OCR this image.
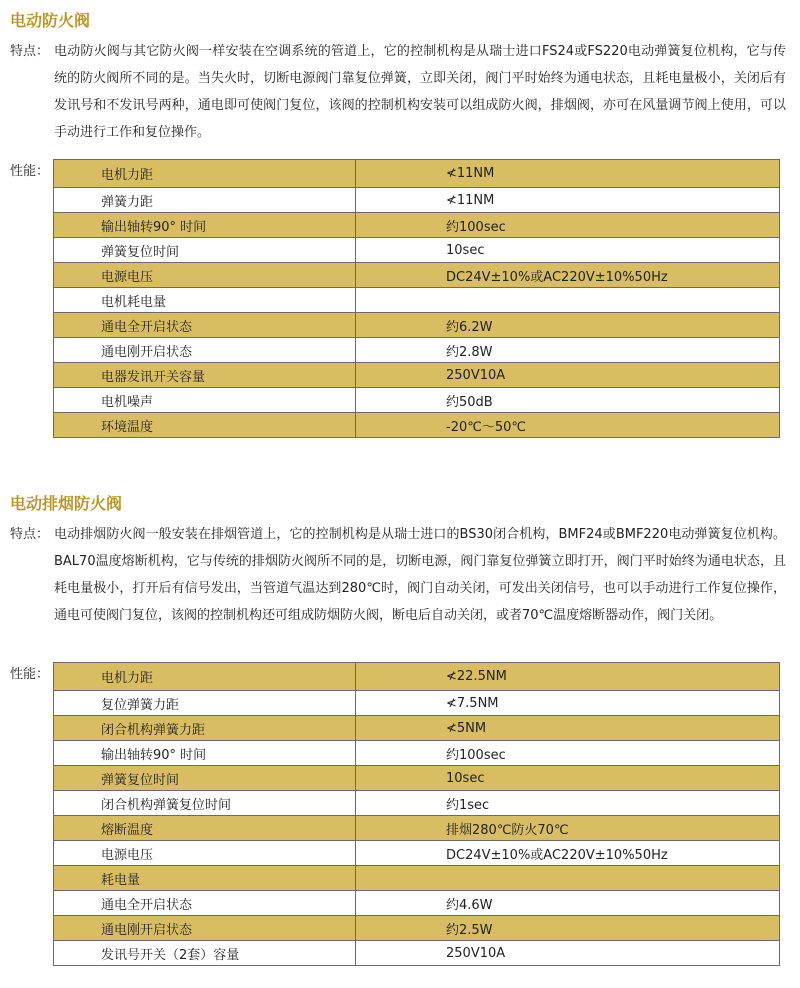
电动防火阀
特点： 电动防火阀与其它防火阀一样安装在空调系统的管道上，它的控制机构是从瑞士进口FS24或FS220电动弹簧复位机构，它与传统的防火阀所不同的是。当失火时，切断电源阀门靠复位弹簧，立即关闭，阀门平时始终为通电状态，且耗电量极小，关闭后有发讯号和不发讯号两种，通电即可使阀门复位，该阀的控制机构安装可以组成防火阀，排烟阀，亦可在风量调节阀上使用，可以手动进行工作和复位操作。
性能：	电机力距	≮11NM
弹簧力距	≮11NM
输出轴转90° 时间	约100sec
弹簧复位时间	10sec
电源电压	DC24V±10%或AC220V±10%50Hz
电机耗电量	
通电全开启状态	约6.2W
通电刚开启状态	约2.8W
电器发讯开关容量	250V10A
电机噪声	约50dB
环境温度	-20℃～50℃
电动排烟防火阀
特点： 电动排烟防火阀一般安装在排烟管道上，它的控制机构是从瑞士进口的BS30闭合机构，BMF24或BMF220电动弹簧复位机构。BAL70温度熔断机构，它与传统的排烟防火阀所不同的是，切断电源，阀门靠复位弹簧立即打开，阀门平时始终为通电状态，且耗电量极小，打开后有信号发出，当管道气温达到280℃时，阀门自动关闭，可发出关闭信号，也可以手动进行工作复位操作，通电可使阀门复位，该阀的控制机构还可组成防烟防火阀，断电后自动关闭，或者70℃温度熔断器动作，阀门关闭。
性能：	电机力距	≮22.5NM
复位弹簧力距	≮7.5NM
闭合机构弹簧力距	≮5NM
输出轴转90° 时间	约100sec
弹簧复位时间	10sec
闭合机构弹簧复位时间	约1sec
熔断温度	排烟280℃防火70℃
电源电压	DC24V±10%或AC220V±10%50Hz
耗电量	
通电全开启状态	约4.6W
通电刚开启状态	约2.5W
发讯号开关（2套）容量	250V10A
